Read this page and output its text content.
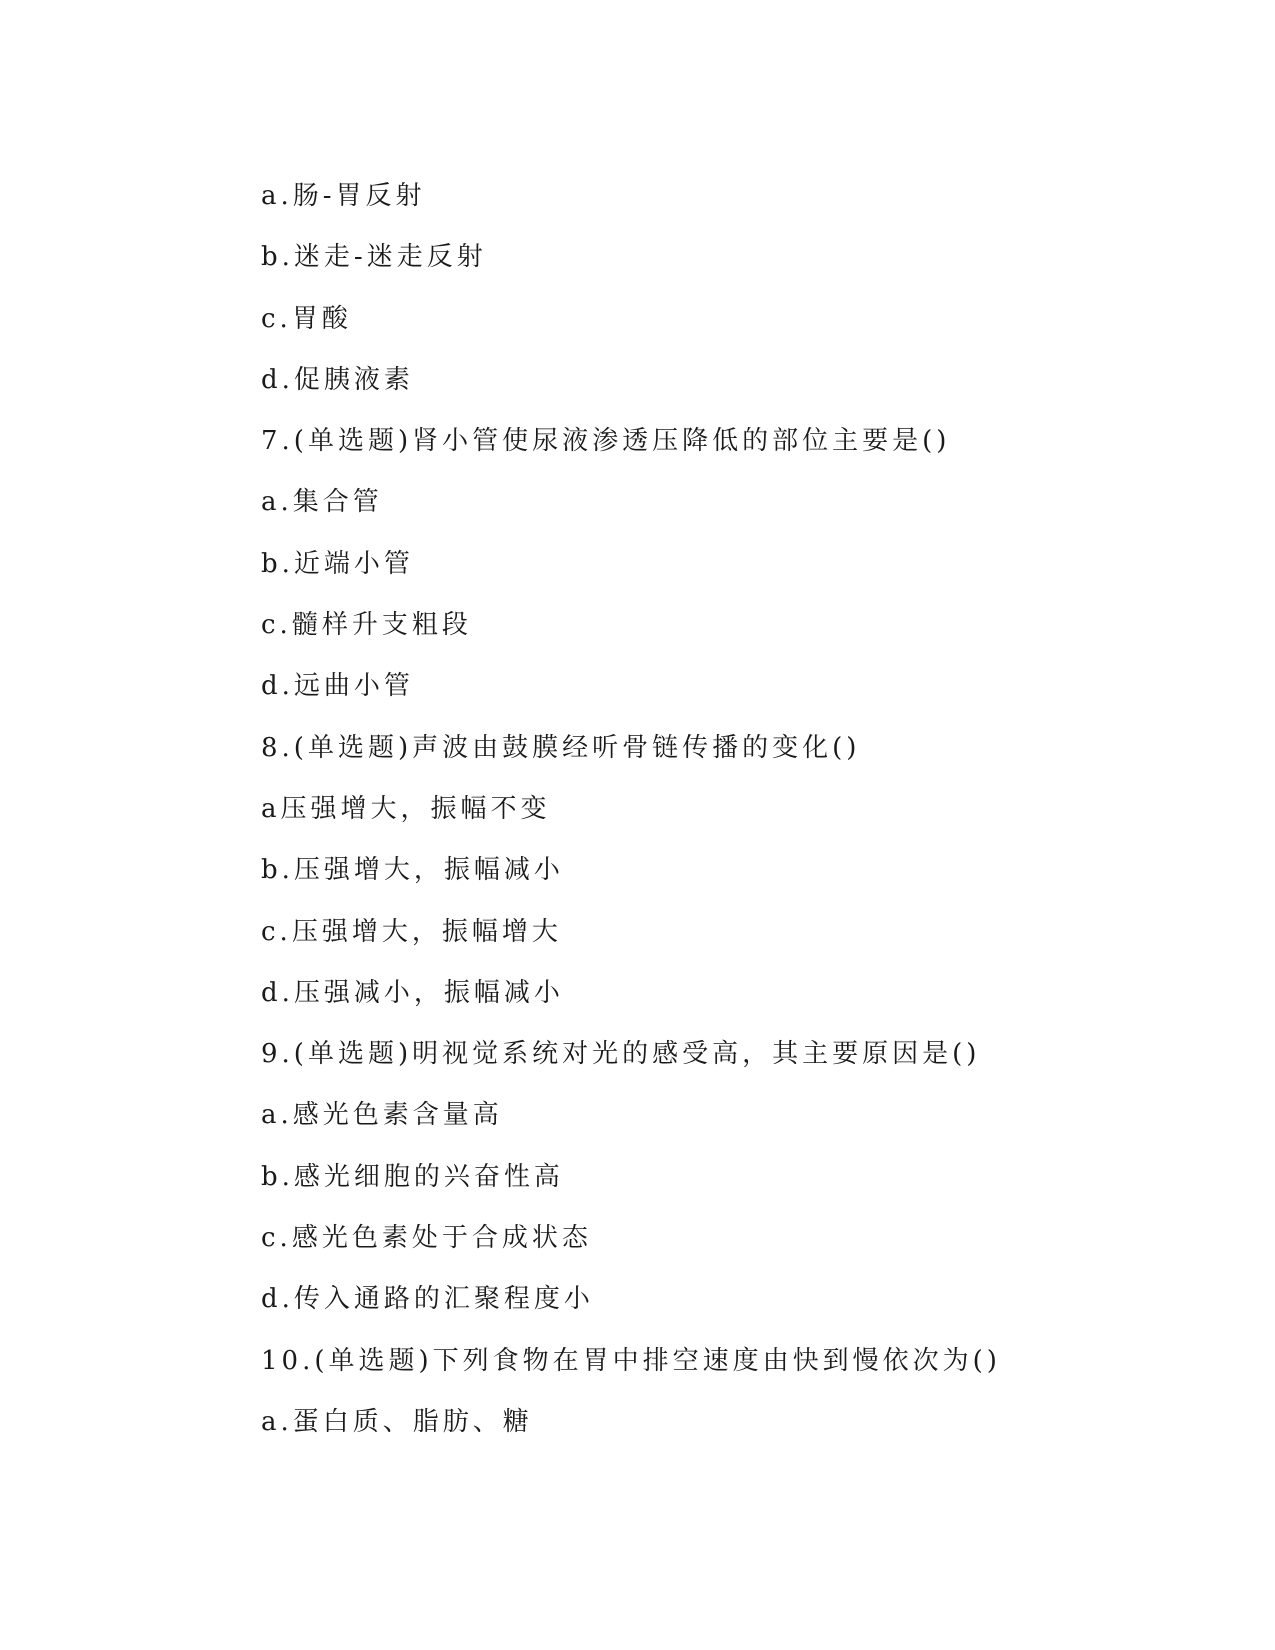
a.肠-胃反射
b.迷走-迷走反射
c.胃酸
d.促胰液素
7.(单选题)肾小管使尿液渗透压降低的部位主要是()
a.集合管
b.近端小管
c.髓样升支粗段
d.远曲小管
8.(单选题)声波由鼓膜经听骨链传播的变化()
a压强增大，振幅不变
b.压强增大，振幅减小
c.压强增大，振幅增大
d.压强减小，振幅减小
9.(单选题)明视觉系统对光的感受高，其主要原因是()
a.感光色素含量高
b.感光细胞的兴奋性高
c.感光色素处于合成状态
d.传入通路的汇聚程度小
10.(单选题)下列食物在胃中排空速度由快到慢依次为()
a.蛋白质、脂肪、糖
